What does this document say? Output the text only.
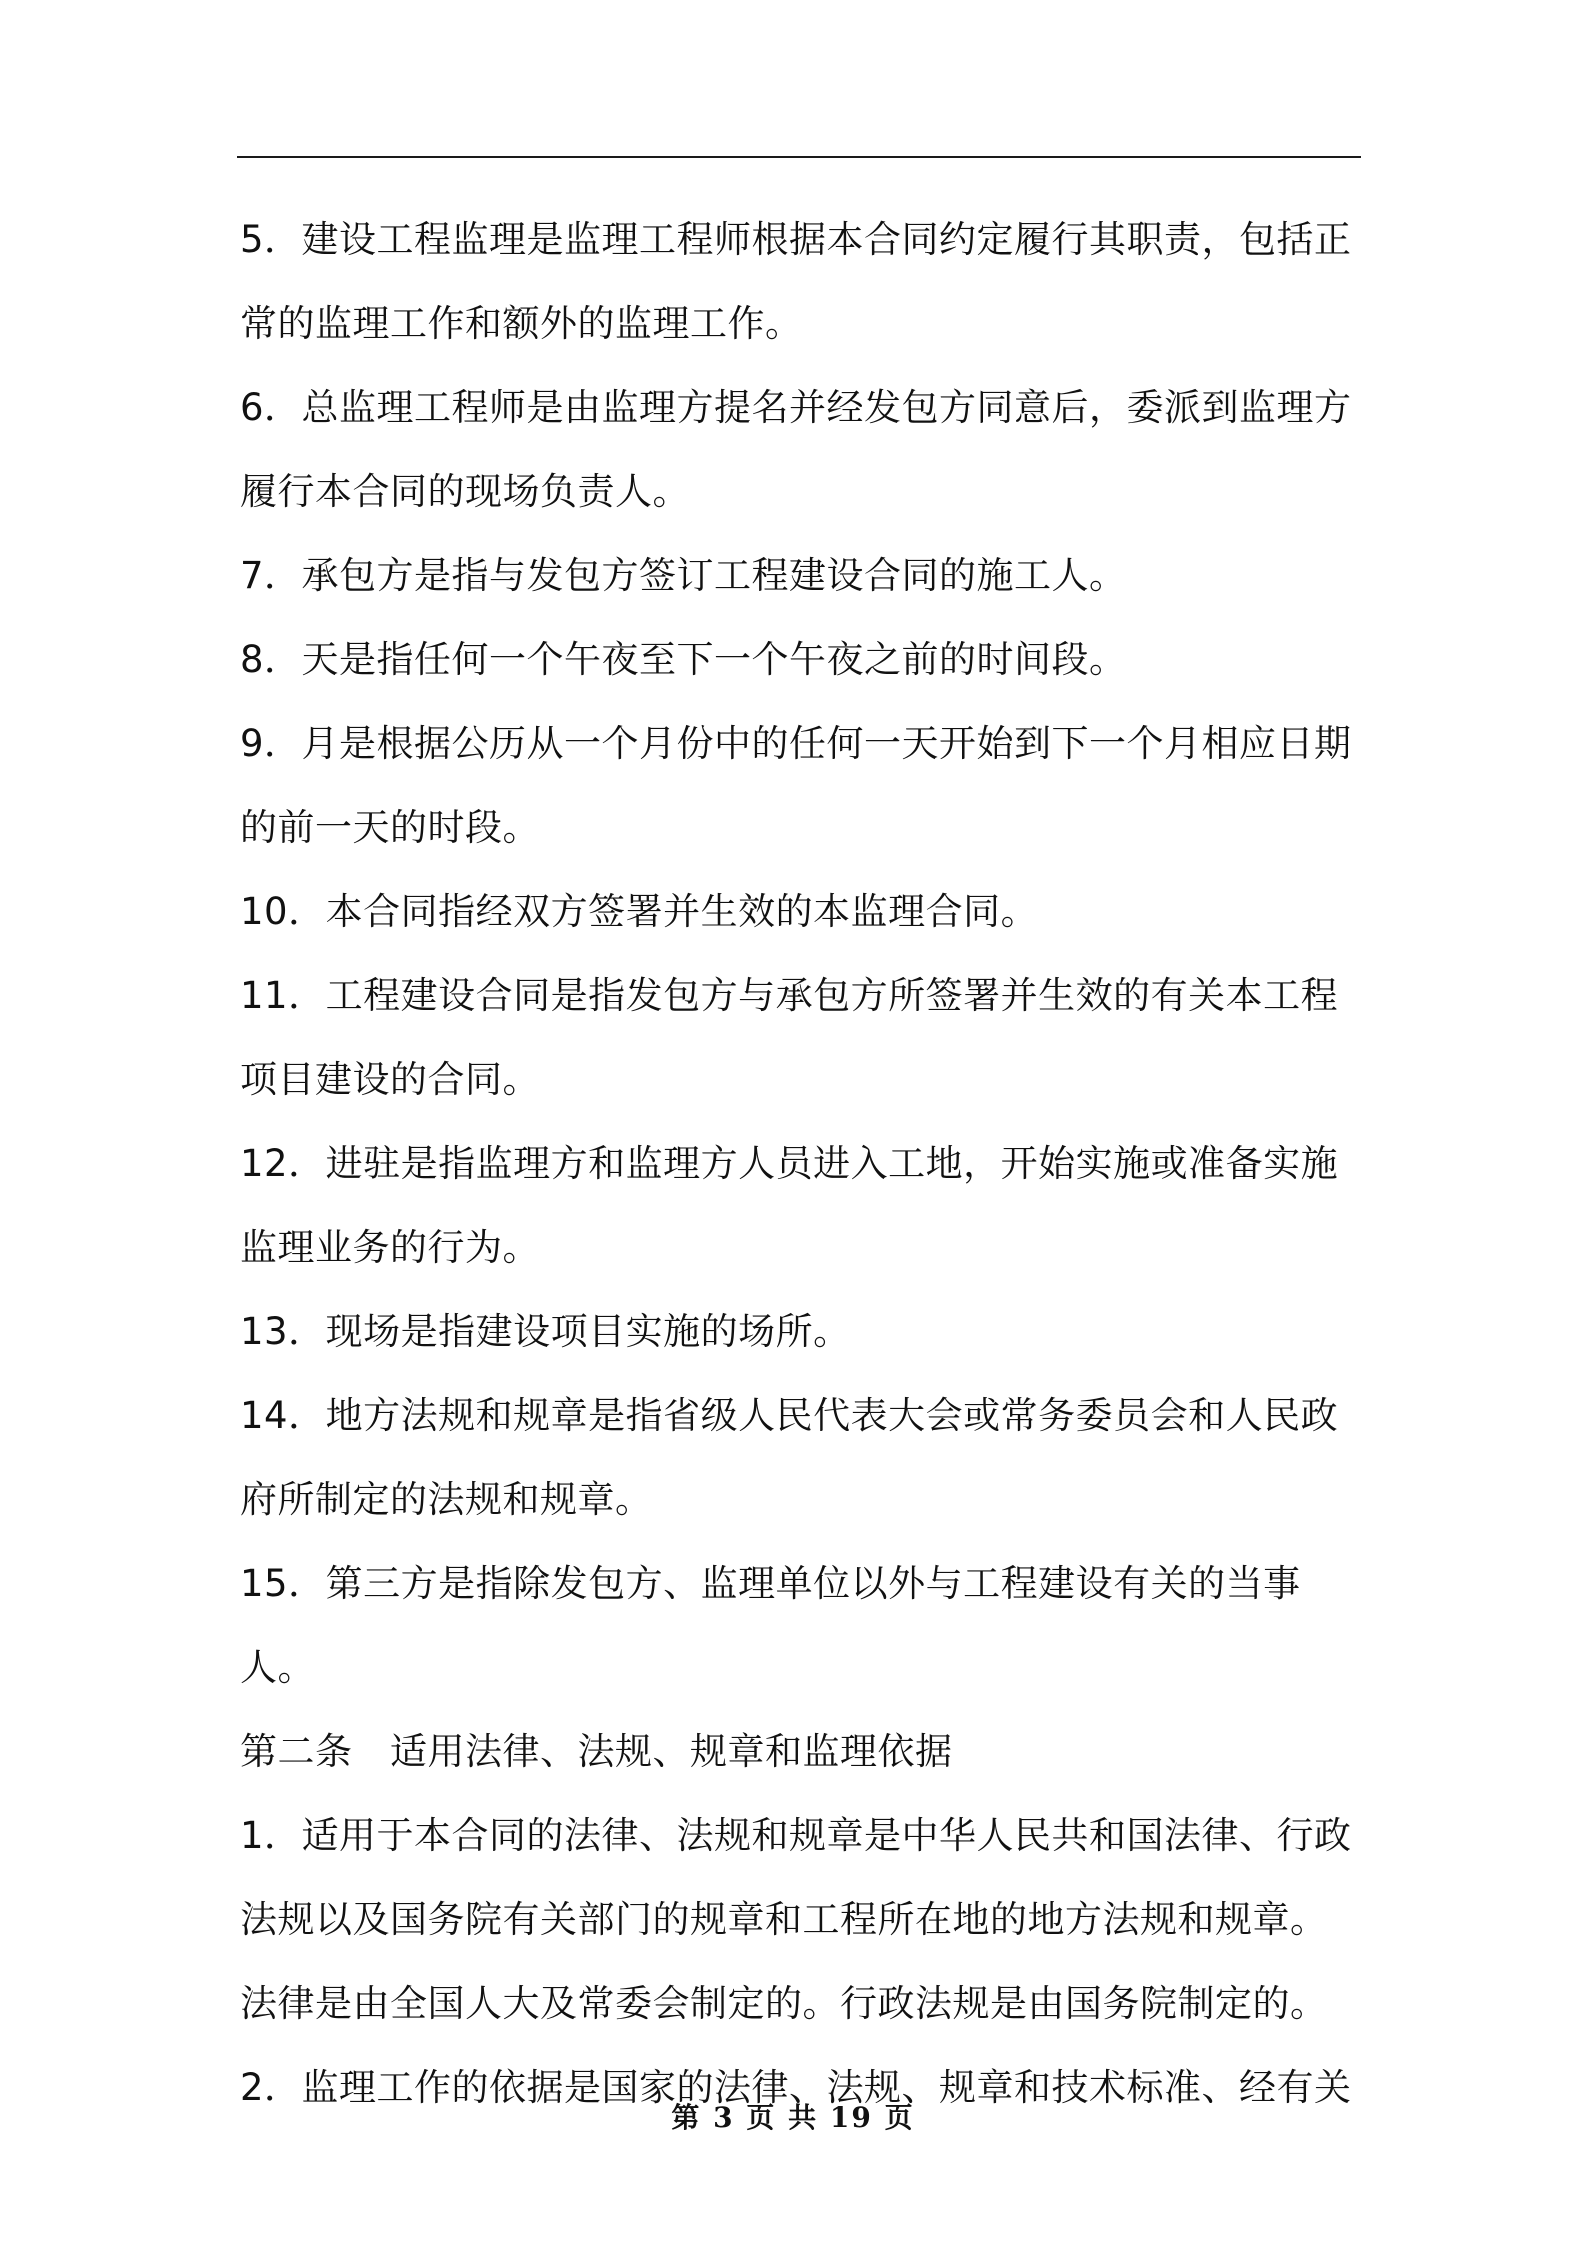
5．建设工程监理是监理工程师根据本合同约定履行其职责，包括正常的监理工作和额外的监理工作。

6．总监理工程师是由监理方提名并经发包方同意后，委派到监理方履行本合同的现场负责人。

7．承包方是指与发包方签订工程建设合同的施工人。

8．天是指任何一个午夜至下一个午夜之前的时间段。

9．月是根据公历从一个月份中的任何一天开始到下一个月相应日期的前一天的时段。

10．本合同指经双方签署并生效的本监理合同。

11．工程建设合同是指发包方与承包方所签署并生效的有关本工程项目建设的合同。

12．进驻是指监理方和监理方人员进入工地，开始实施或准备实施监理业务的行为。

13．现场是指建设项目实施的场所。

14．地方法规和规章是指省级人民代表大会或常务委员会和人民政府所制定的法规和规章。

15．第三方是指除发包方、监理单位以外与工程建设有关的当事人。

第二条　适用法律、法规、规章和监理依据

1．适用于本合同的法律、法规和规章是中华人民共和国法律、行政法规以及国务院有关部门的规章和工程所在地的地方法规和规章。法律是由全国人大及常委会制定的。行政法规是由国务院制定的。

2．监理工作的依据是国家的法律、法规、规章和技术标准、经有关

第 3 页 共 19 页
